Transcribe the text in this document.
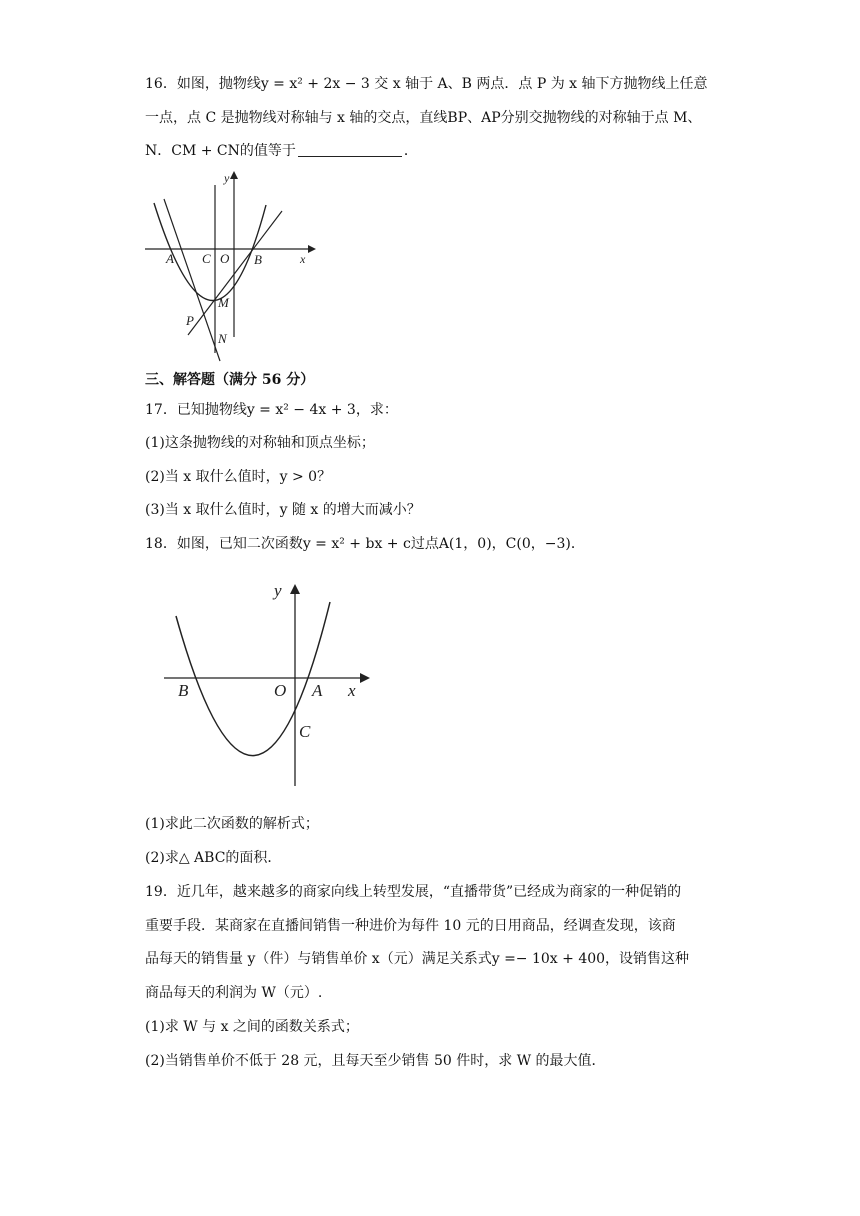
16．如图，抛物线y = x² + 2x − 3 交 x 轴于 A、B 两点．点 P 为 x 轴下方抛物线上任意
一点，点 C 是抛物线对称轴与 x 轴的交点，直线BP、AP分别交抛物线的对称轴于点 M、
N．CM + CN的值等于	．
y
x
A C O B
M
P
N
三、解答题（满分 56 分）
17．已知抛物线y = x² − 4x + 3，求：
(1)这条抛物线的对称轴和顶点坐标；
(2)当 x 取什么值时，y > 0？
(3)当 x 取什么值时，y 随 x 的增大而减小？
18．如图，已知二次函数y = x² + bx + c过点A(1，0)，C(0，−3)．
y
x
B	O A
C
(1)求此二次函数的解析式；
(2)求△ ABC的面积．
19．近几年，越来越多的商家向线上转型发展，“直播带货”已经成为商家的一种促销的
重要手段．某商家在直播间销售一种进价为每件 10 元的日用商品，经调查发现，该商
品每天的销售量 y（件）与销售单价 x（元）满足关系式y =− 10x + 400，设销售这种
商品每天的利润为 W（元）.
(1)求 W 与 x 之间的函数关系式；
(2)当销售单价不低于 28 元，且每天至少销售 50 件时，求 W 的最大值．
